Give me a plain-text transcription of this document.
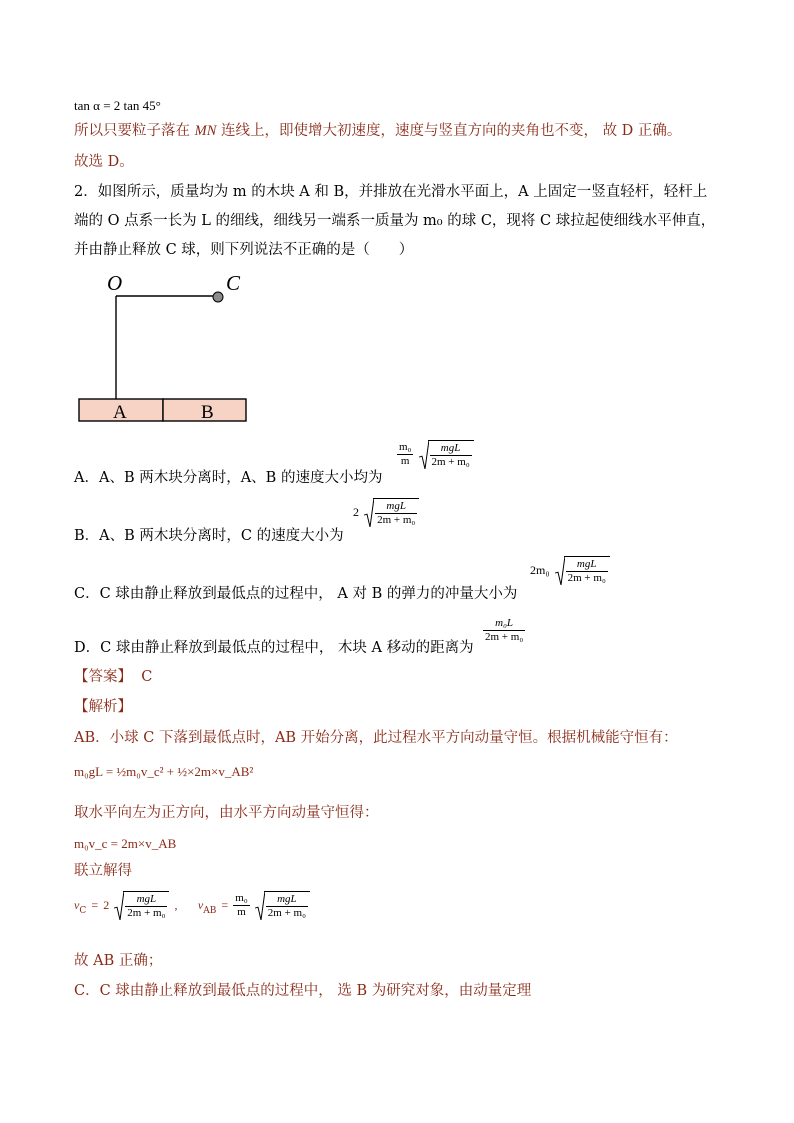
tan α = 2 tan 45°
所以只要粒子落在 MN 连线上，即使增大初速度，速度与竖直方向的夹角也不变， 故 D 正确。
故选 D。
2．如图所示，质量均为 m 的木块 A 和 B，并排放在光滑水平面上，A 上固定一竖直轻杆，轻杆上
端的 O 点系一长为 L 的细线，细线另一端系一质量为 m₀ 的球 C，现将 C 球拉起使细线水平伸直，
并由静止释放 C 球，则下列说法不正确的是（　　）
O	C
A	B
A．A、B 两木块分离时，A、B 的速度大小均为
$\frac{\text{m₀}}{m}$
$\frac{\text{mgL}}{\text{2m + m₀}}$
B．A、B 两木块分离时，C 的速度大小为
$2 \frac{\text{mgL}}{\text{2m + m₀}}$
C．C 球由静止释放到最低点的过程中， A 对 B 的弹力的冲量大小为
$2m_0 \frac{\text{mgL}}{\text{2m + m₀}}$
D．C 球由静止释放到最低点的过程中， 木块 A 移动的距离为
$\frac{\text{m₀L}}{\text{2m + m₀}}$
【答案】 C
【解析】
AB．小球 C 下落到最低点时，AB 开始分离，此过程水平方向动量守恒。根据机械能守恒有：
m₀gL = ½m₀v_c² + ½×2m×v_AB²
取水平向左为正方向，由水平方向动量守恒得：
m₀v_c = 2m×v_AB
联立解得
$v_C = 2 \frac{\text{mgL}}{\text{2m + m₀}}$ , $v_{AB} = \frac{\text{m₀}}{m}$
$\frac{\text{mgL}}{\text{2m + m₀}}$
故 AB 正确；
C．C 球由静止释放到最低点的过程中， 选 B 为研究对象，由动量定理
